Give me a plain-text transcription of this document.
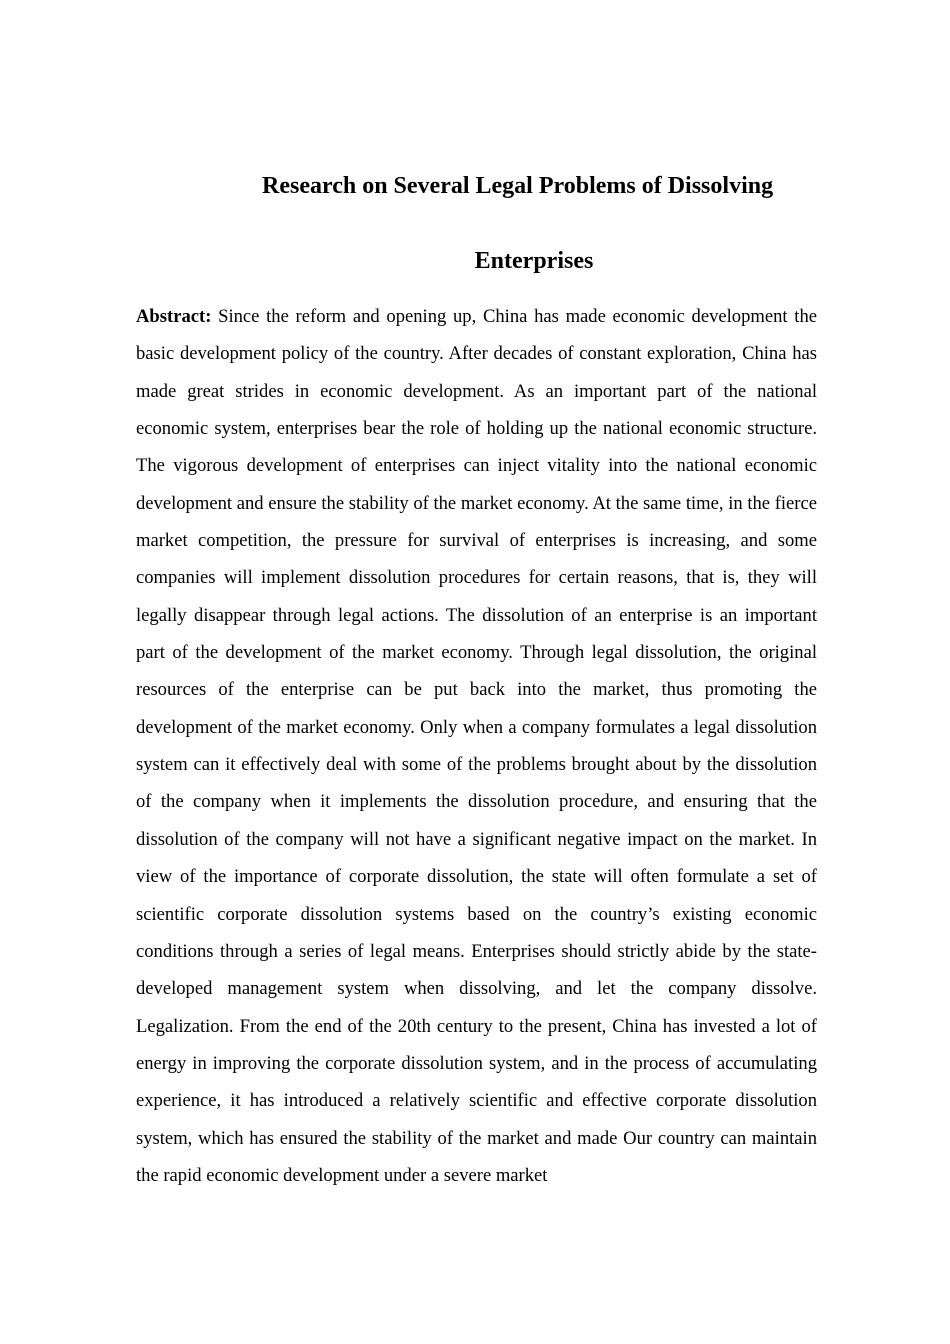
Research on Several Legal Problems of Dissolving
Enterprises

Abstract: Since the reform and opening up, China has made economic development the basic development policy of the country. After decades of constant exploration, China has made great strides in economic development. As an important part of the national economic system, enterprises bear the role of holding up the national economic structure. The vigorous development of enterprises can inject vitality into the national economic development and ensure the stability of the market economy. At the same time, in the fierce market competition, the pressure for survival of enterprises is increasing, and some companies will implement dissolution procedures for certain reasons, that is, they will legally disappear through legal actions. The dissolution of an enterprise is an important part of the development of the market economy. Through legal dissolution, the original resources of the enterprise can be put back into the market, thus promoting the development of the market economy. Only when a company formulates a legal dissolution system can it effectively deal with some of the problems brought about by the dissolution of the company when it implements the dissolution procedure, and ensuring that the dissolution of the company will not have a significant negative impact on the market. In view of the importance of corporate dissolution, the state will often formulate a set of scientific corporate dissolution systems based on the country’s existing economic conditions through a series of legal means. Enterprises should strictly abide by the state-developed management system when dissolving, and let the company dissolve. Legalization. From the end of the 20th century to the present, China has invested a lot of energy in improving the corporate dissolution system, and in the process of accumulating experience, it has introduced a relatively scientific and effective corporate dissolution system, which has ensured the stability of the market and made Our country can maintain the rapid economic development under a severe market
